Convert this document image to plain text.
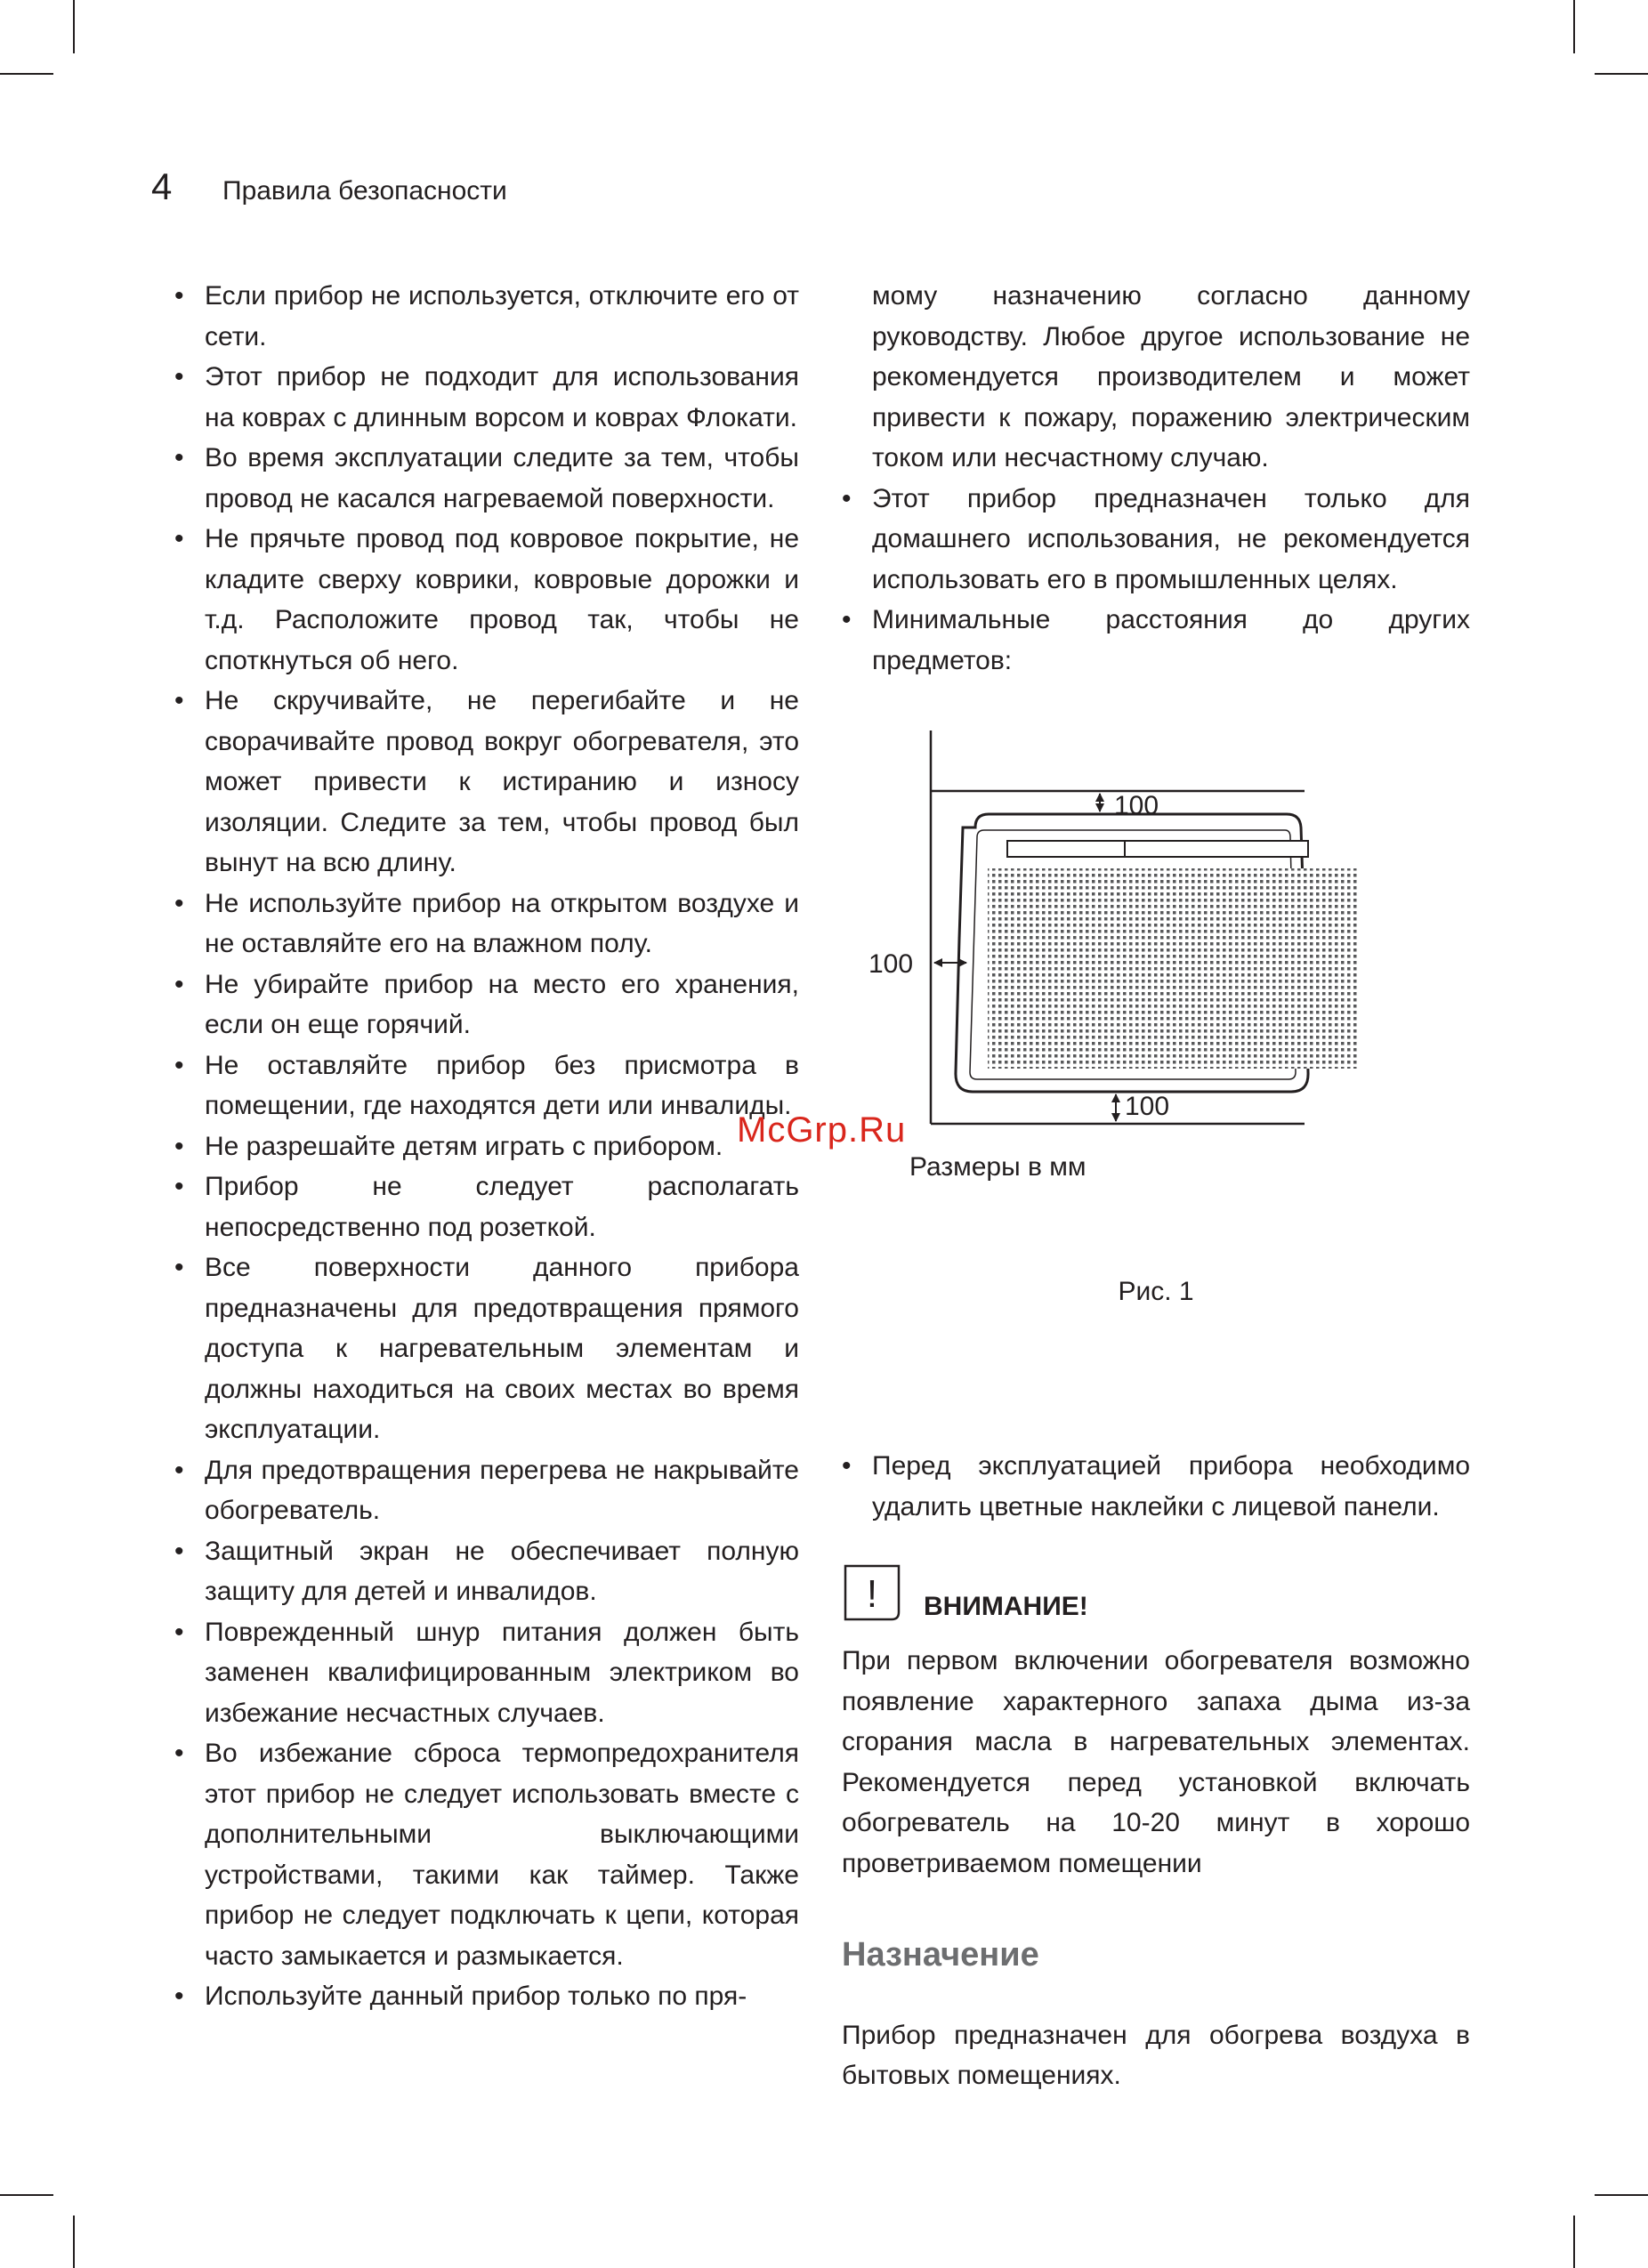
4	Правила безопасности
• Если прибор не используется, отключите его от сети.
• Этот прибор не подходит для использования на коврах с длинным ворсом и коврах Флокати.
• Во время эксплуатации следите за тем, чтобы провод не касался нагреваемой поверхности.
• Не прячьте провод под ковровое покрытие, не кладите сверху коврики, ковровые дорожки и т.д. Расположите провод так, чтобы не споткнуться об него.
• Не скручивайте, не перегибайте и не сворачивайте провод вокруг обогревателя, это может привести к истиранию и износу изоляции. Следите за тем, чтобы провод был вынут на всю длину.
• Не используйте прибор на открытом воздухе и не оставляйте его на влажном полу.
• Не убирайте прибор на место его хранения, если он еще горячий.
• Не оставляйте прибор без присмотра в помещении, где находятся дети или инвалиды.
• Не разрешайте детям играть с прибором.
• Прибор не следует располагать непосредственно под розеткой.
• Все поверхности данного прибора предназначены для предотвращения прямого доступа к нагревательным элементам и должны находиться на своих местах во время эксплуатации.
• Для предотвращения перегрева не накрывайте обогреватель.
• Защитный экран не обеспечивает полную защиту для детей и инвалидов.
• Поврежденный шнур питания должен быть заменен квалифицированным электриком во избежание несчастных случаев.
• Во избежание сброса термопредохранителя этот прибор не следует использовать вместе с дополнительными выключающими устройствами, такими как таймер. Также прибор не следует подключать к цепи, которая часто замыкается и размыкается.
• Используйте данный прибор только по пря-
мому назначению согласно данному руководству. Любое другое использование не рекомендуется производителем и может привести к пожару, поражению электрическим током или несчастному случаю.
• Этот прибор предназначен только для домашнего использования, не рекомендуется использовать его в промышленных целях.
• Минимальные расстояния до других предметов:
100
100
100
Размеры в мм
Рис. 1
• Перед эксплуатацией прибора необходимо удалить цветные наклейки с лицевой панели.
! ВНИМАНИЕ!
При первом включении обогревателя возможно появление характерного запаха дыма из-за сгорания масла в нагревательных элементах. Рекомендуется перед установкой включать обогреватель на 10-20 минут в хорошо проветриваемом помещении
Назначение
Прибор предназначен для обогрева воздуха в бытовых помещениях.
McGrp.Ru
